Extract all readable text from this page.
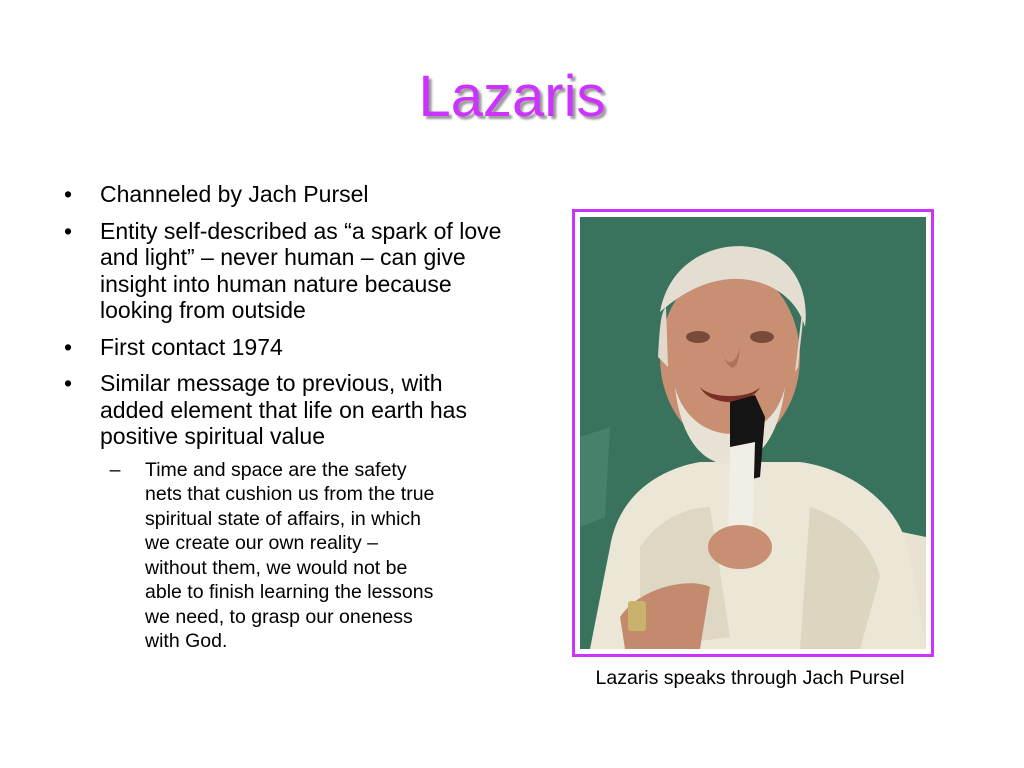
Lazaris
• Channeled by Jach Pursel
• Entity self-described as “a spark of love and light” – never human – can give insight into human nature because looking from outside
• First contact 1974
• Similar message to previous, with added element that life on earth has positive spiritual value
–	Time and space are the safety nets that cushion us from the true spiritual state of affairs, in which we create our own reality – without them, we would not be able to finish learning the lessons we need, to grasp our oneness with God.
Lazaris speaks through Jach Pursel
